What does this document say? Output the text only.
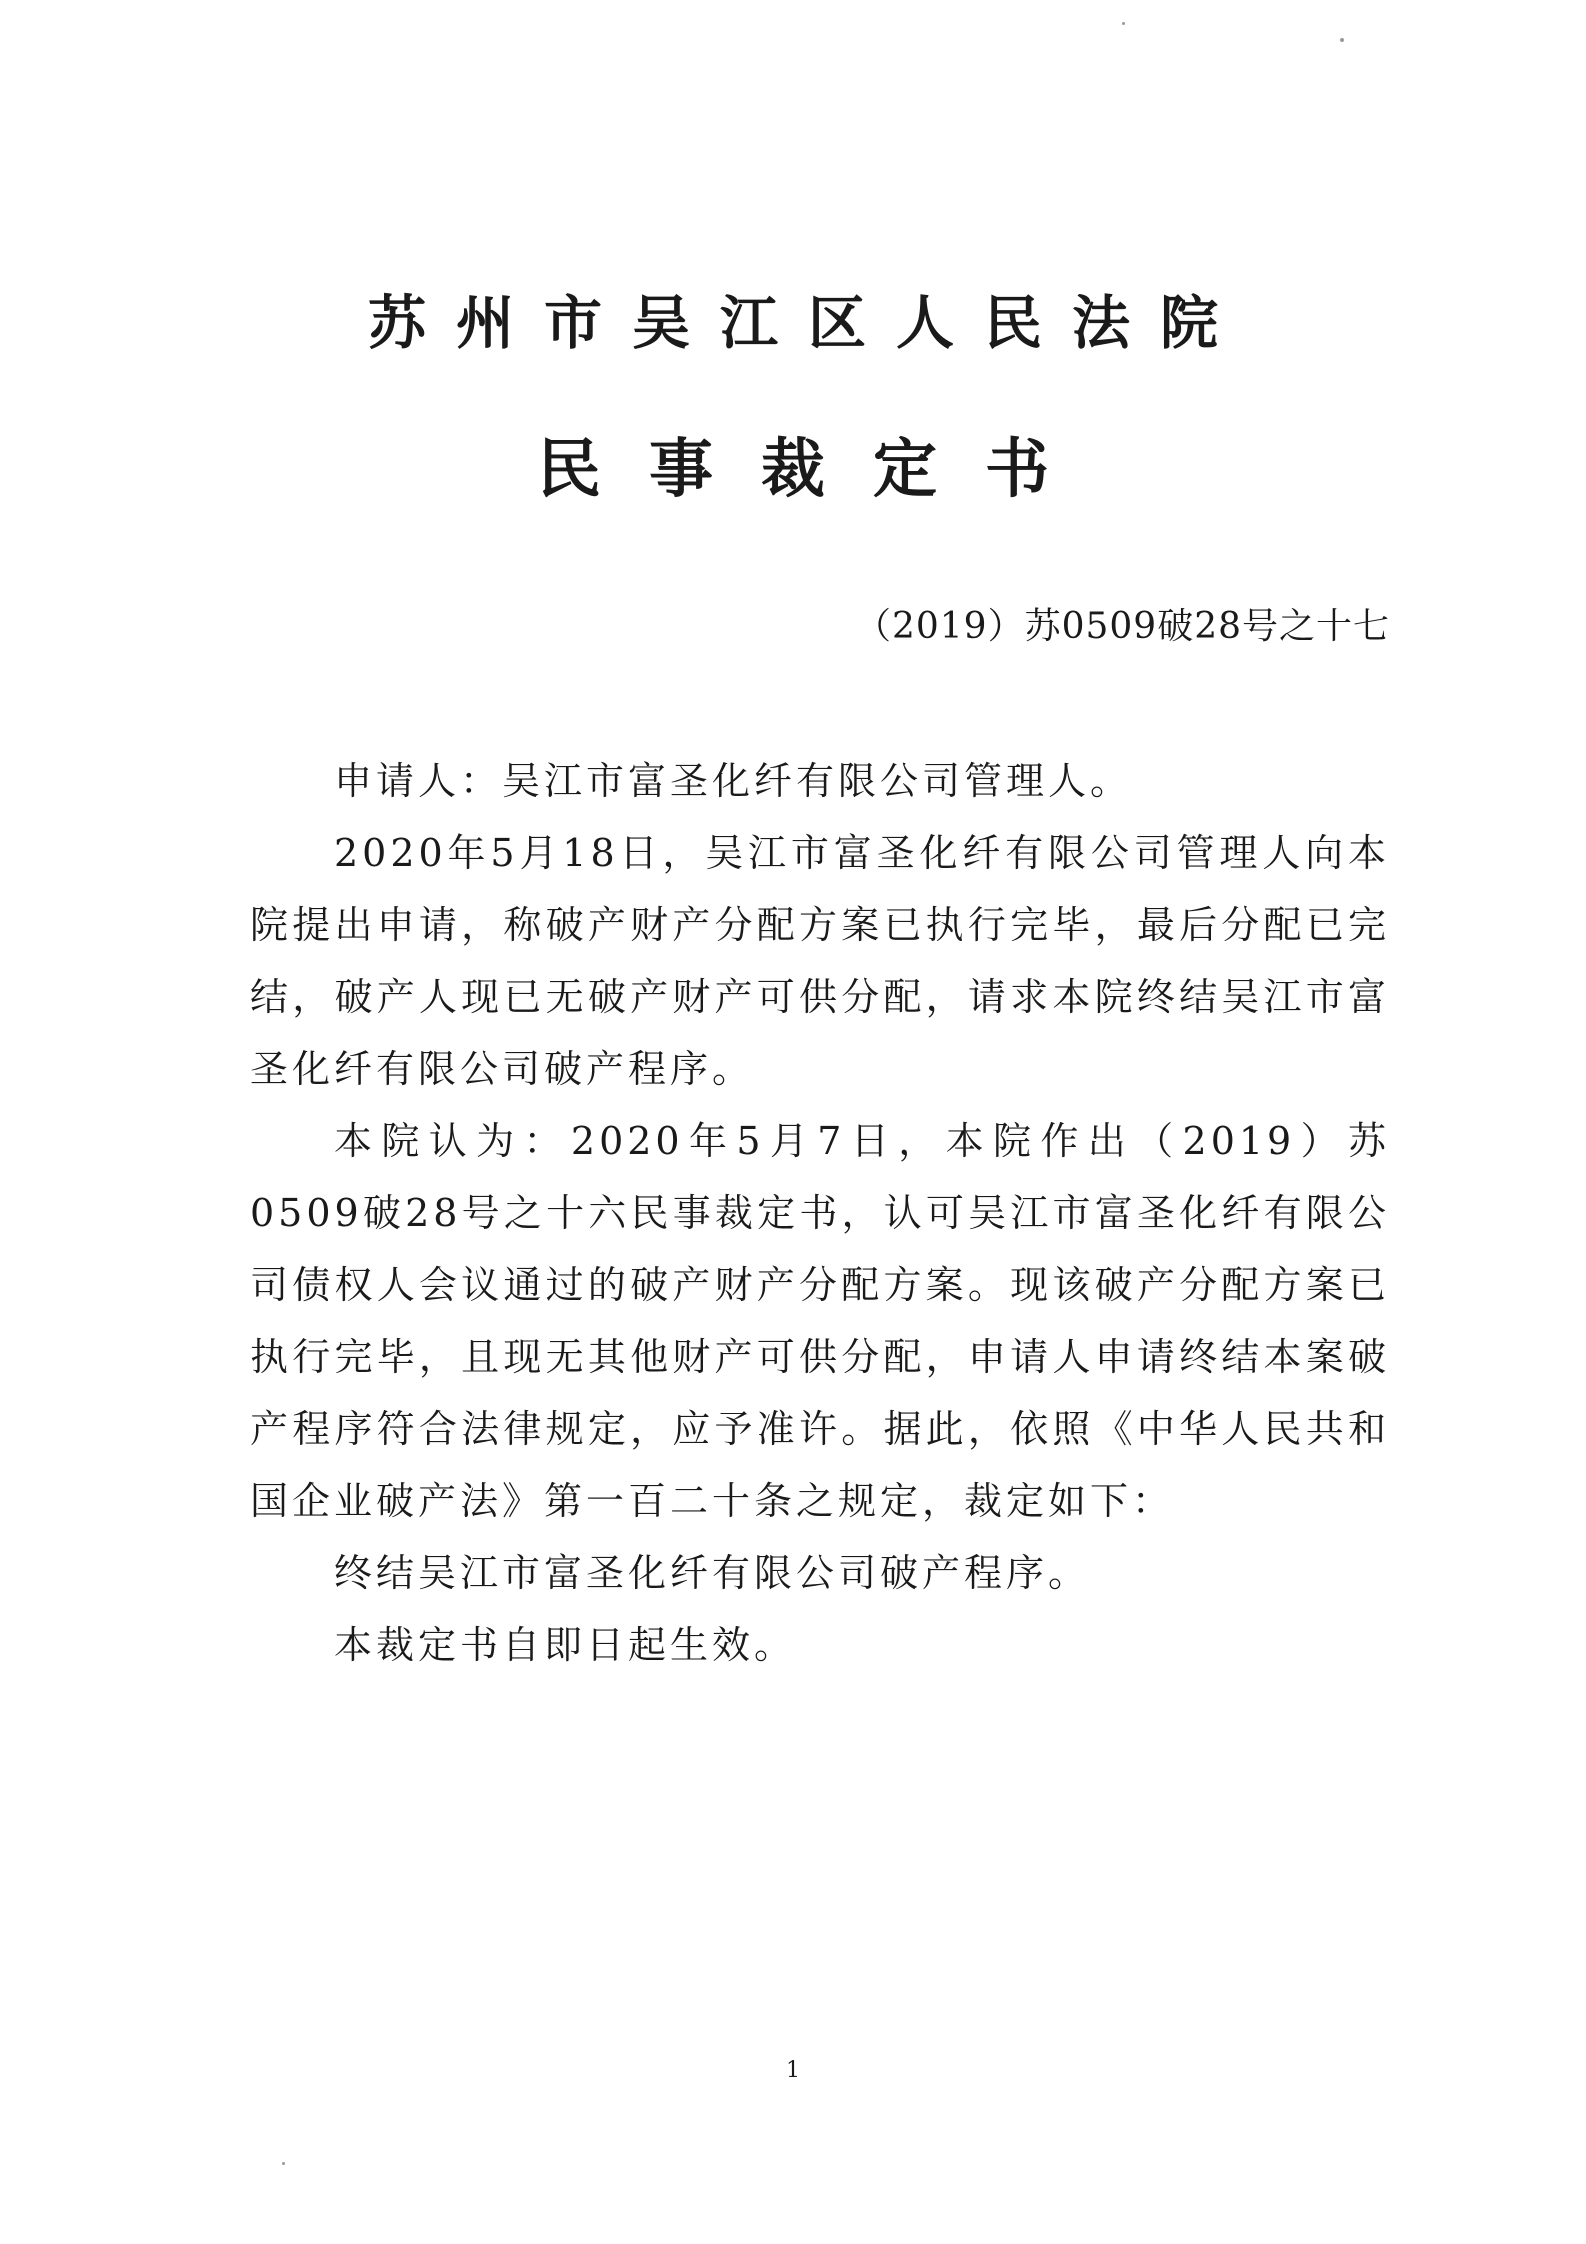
苏州市吴江区人民法院
民事裁定书
（2019）苏0509破28号之十七

申请人：吴江市富圣化纤有限公司管理人。

2020年5月18日，吴江市富圣化纤有限公司管理人向本院提出申请，称破产财产分配方案已执行完毕，最后分配已完结，破产人现已无破产财产可供分配，请求本院终结吴江市富圣化纤有限公司破产程序。

本院认为：2020年5月7日，本院作出（2019）苏0509破28号之十六民事裁定书，认可吴江市富圣化纤有限公司债权人会议通过的破产财产分配方案。现该破产分配方案已执行完毕，且现无其他财产可供分配，申请人申请终结本案破产程序符合法律规定，应予准许。据此，依照《中华人民共和国企业破产法》第一百二十条之规定，裁定如下：

终结吴江市富圣化纤有限公司破产程序。

本裁定书自即日起生效。

1
